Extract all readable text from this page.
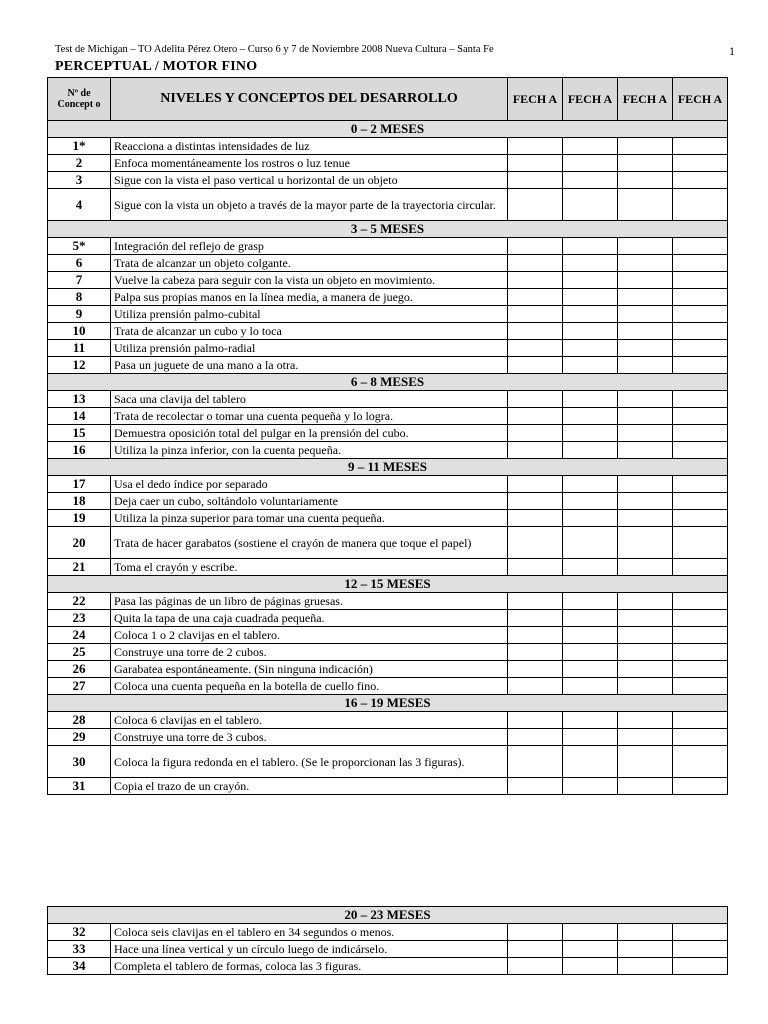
Test de Michigan – TO Adelita Pérez Otero – Curso 6 y 7 de Noviembre 2008 Nueva Cultura – Santa Fe	1
PERCEPTUAL / MOTOR FINO
Nº de Concept o	NIVELES Y CONCEPTOS DEL DESARROLLO	FECH A	FECH A	FECH A	FECH A
0 – 2 MESES					
1*	Reacciona a distintas intensidades de luz				
2	Enfoca momentáneamente los rostros o luz tenue				
3	Sigue con la vista el paso vertical u horizontal de un objeto				
4	Sigue con la vista un objeto a través de la mayor parte de la trayectoria circular.				
3 – 5 MESES					
5*	Integración del reflejo de grasp				
6	Trata de alcanzar un objeto colgante.				
7	Vuelve la cabeza para seguir con la vista un objeto en movimiento.				
8	Palpa sus propias manos en la línea media, a manera de juego.				
9	Utiliza prensión palmo-cubital				
10	Trata de alcanzar un cubo y lo toca				
11	Utiliza prensión palmo-radial				
12	Pasa un juguete de una mano a la otra.				
6 – 8 MESES					
13	Saca una clavija del tablero				
14	Trata de recolectar o tomar una cuenta pequeña y lo logra.				
15	Demuestra oposición total del pulgar en la prensión del cubo.				
16	Utiliza la pinza inferior, con la cuenta pequeña.				
9 – 11 MESES					
17	Usa el dedo índice por separado				
18	Deja caer un cubo, soltándolo voluntariamente				
19	Utiliza la pinza superior para tomar una cuenta pequeña.				
20	Trata de hacer garabatos (sostiene el crayón de manera que toque el papel)				
21	Toma el crayón y escribe.				
12 – 15 MESES					
22	Pasa las páginas de un libro de páginas gruesas.				
23	Quita la tapa de una caja cuadrada pequeña.				
24	Coloca 1 o 2 clavijas en el tablero.				
25	Construye una torre de 2 cubos.				
26	Garabatea espontáneamente. (Sin ninguna indicación)				
27	Coloca una cuenta pequeña en la botella de cuello fino.				
16 – 19 MESES					
28	Coloca 6 clavijas en el tablero.				
29	Construye una torre de 3 cubos.				
30	Coloca la figura redonda en el tablero. (Se le proporcionan las 3 figuras).				
31	Copia el trazo de un crayón.				
20 – 23 MESES					
32	Coloca seis clavijas en el tablero en 34 segundos o menos.				
33	Hace una línea vertical y un círculo luego de indicárselo.				
34	Completa el tablero de formas, coloca las 3 figuras.				
